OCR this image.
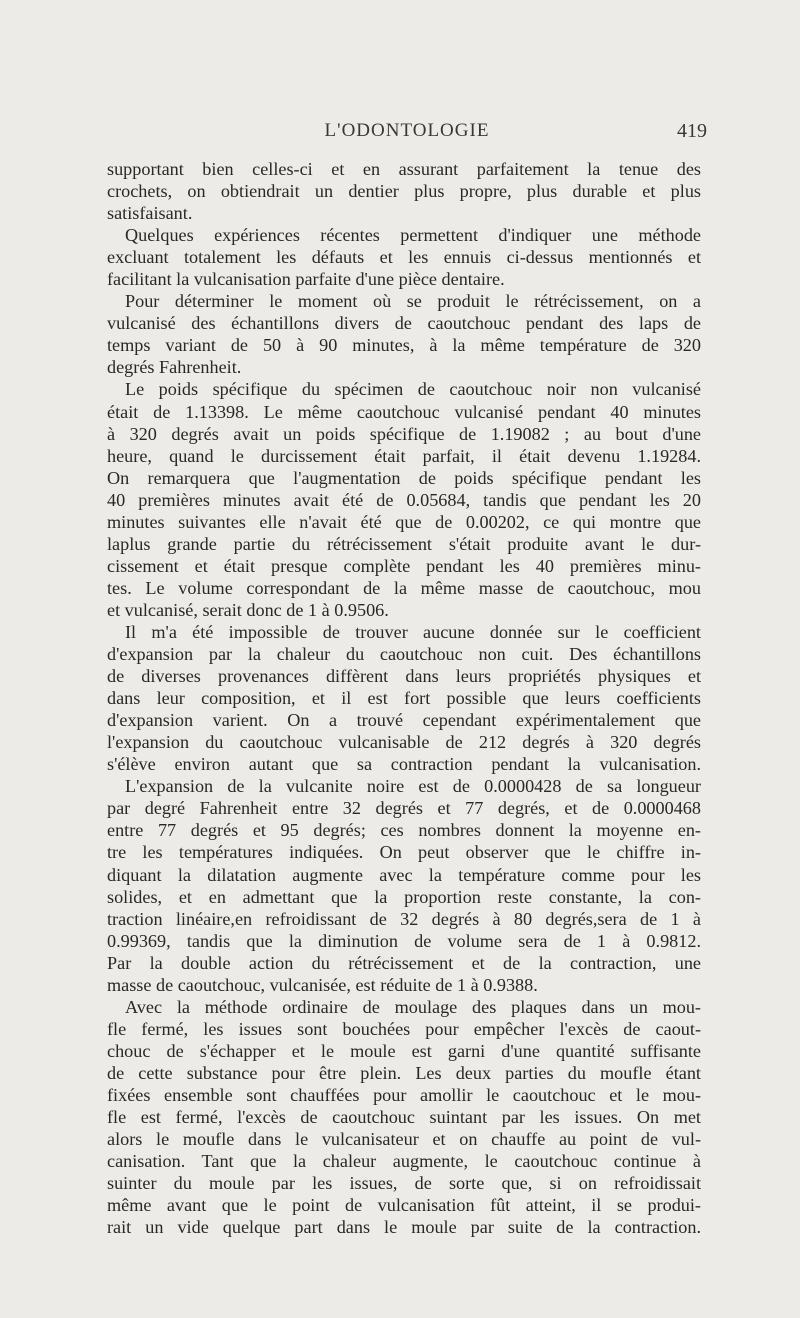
L'ODONTOLOGIE	419
supportant bien celles-ci et en assurant parfaitement la tenue des
crochets, on obtiendrait un dentier plus propre, plus durable et plus
satisfaisant.
Quelques expériences récentes permettent d'indiquer une méthode
excluant totalement les défauts et les ennuis ci-dessus mentionnés et
facilitant la vulcanisation parfaite d'une pièce dentaire.
Pour déterminer le moment où se produit le rétrécissement, on a
vulcanisé des échantillons divers de caoutchouc pendant des laps de
temps variant de 50 à 90 minutes, à la même température de 320
degrés Fahrenheit.
Le poids spécifique du spécimen de caoutchouc noir non vulcanisé
était de 1.13398. Le même caoutchouc vulcanisé pendant 40 minutes
à 320 degrés avait un poids spécifique de 1.19082 ; au bout d'une
heure, quand le durcissement était parfait, il était devenu 1.19284.
On remarquera que l'augmentation de poids spécifique pendant les
40 premières minutes avait été de 0.05684, tandis que pendant les 20
minutes suivantes elle n'avait été que de 0.00202, ce qui montre que
laplus grande partie du rétrécissement s'était produite avant le dur-
cissement et était presque complète pendant les 40 premières minu-
tes. Le volume correspondant de la même masse de caoutchouc, mou
et vulcanisé, serait donc de 1 à 0.9506.
Il m'a été impossible de trouver aucune donnée sur le coefficient
d'expansion par la chaleur du caoutchouc non cuit. Des échantillons
de diverses provenances diffèrent dans leurs propriétés physiques et
dans leur composition, et il est fort possible que leurs coefficients
d'expansion varient. On a trouvé cependant expérimentalement que
l'expansion du caoutchouc vulcanisable de 212 degrés à 320 degrés
s'élève environ autant que sa contraction pendant la vulcanisation.
L'expansion de la vulcanite noire est de 0.0000428 de sa longueur
par degré Fahrenheit entre 32 degrés et 77 degrés, et de 0.0000468
entre 77 degrés et 95 degrés; ces nombres donnent la moyenne en-
tre les températures indiquées. On peut observer que le chiffre in-
diquant la dilatation augmente avec la température comme pour les
solides, et en admettant que la proportion reste constante, la con-
traction linéaire,en refroidissant de 32 degrés à 80 degrés,sera de 1 à
0.99369, tandis que la diminution de volume sera de 1 à 0.9812.
Par la double action du rétrécissement et de la contraction, une
masse de caoutchouc, vulcanisée, est réduite de 1 à 0.9388.
Avec la méthode ordinaire de moulage des plaques dans un mou-
fle fermé, les issues sont bouchées pour empêcher l'excès de caout-
chouc de s'échapper et le moule est garni d'une quantité suffisante
de cette substance pour être plein. Les deux parties du moufle étant
fixées ensemble sont chauffées pour amollir le caoutchouc et le mou-
fle est fermé, l'excès de caoutchouc suintant par les issues. On met
alors le moufle dans le vulcanisateur et on chauffe au point de vul-
canisation. Tant que la chaleur augmente, le caoutchouc continue à
suinter du moule par les issues, de sorte que, si on refroidissait
même avant que le point de vulcanisation fût atteint, il se produi-
rait un vide quelque part dans le moule par suite de la contraction.
